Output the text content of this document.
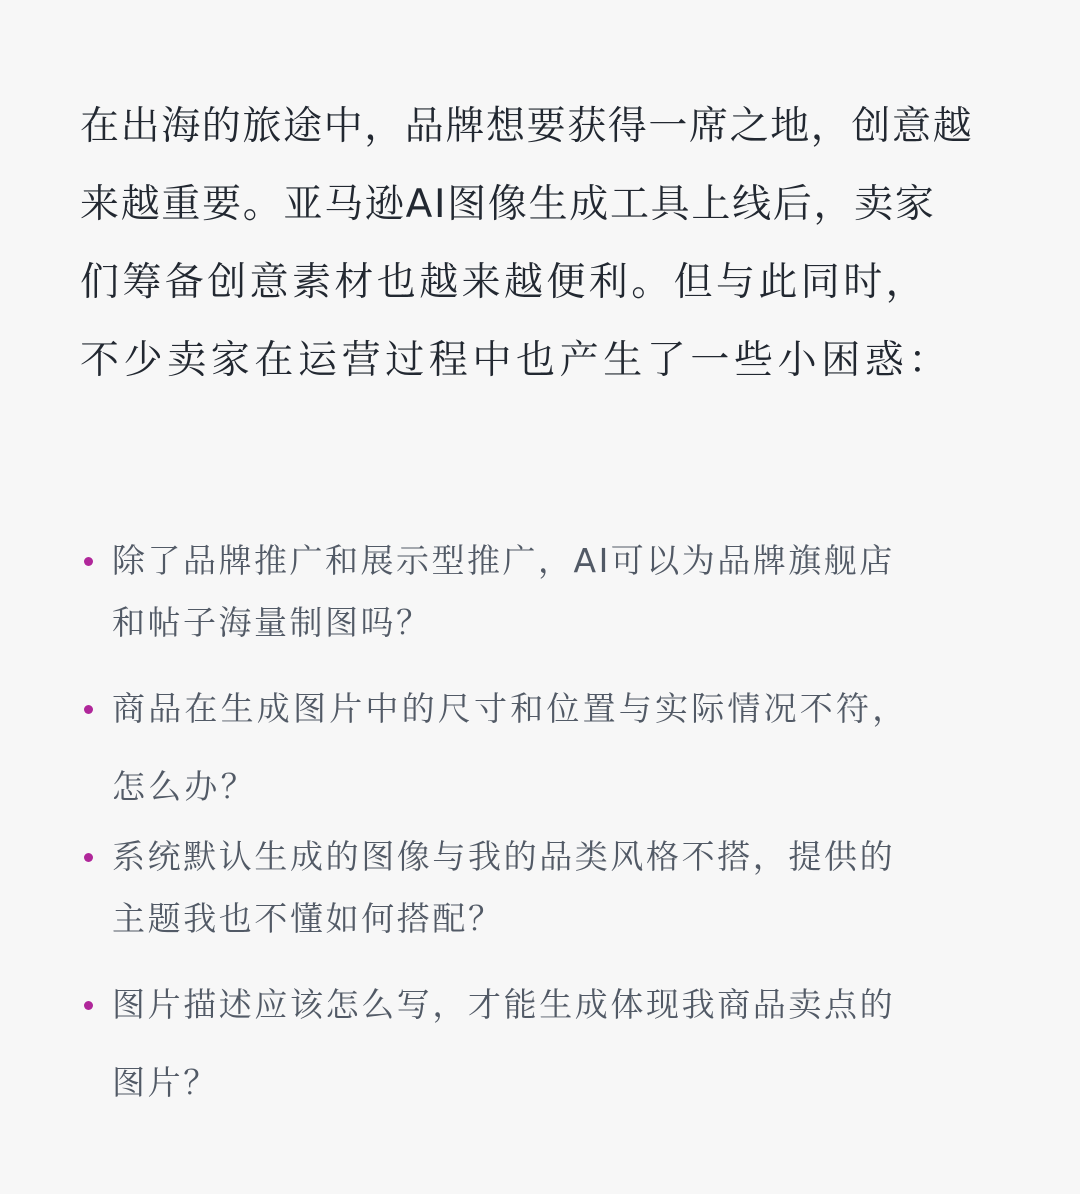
在出海的旅途中，品牌想要获得一席之地，创意越
来越重要。亚马逊AI图像生成工具上线后，卖家
们筹备创意素材也越来越便利。但与此同时，
不少卖家在运营过程中也产生了一些小困惑：
除了品牌推广和展示型推广，AI可以为品牌旗舰店
和帖子海量制图吗？
商品在生成图片中的尺寸和位置与实际情况不符，
怎么办？
系统默认生成的图像与我的品类风格不搭，提供的
主题我也不懂如何搭配？
图片描述应该怎么写，才能生成体现我商品卖点的
图片？
